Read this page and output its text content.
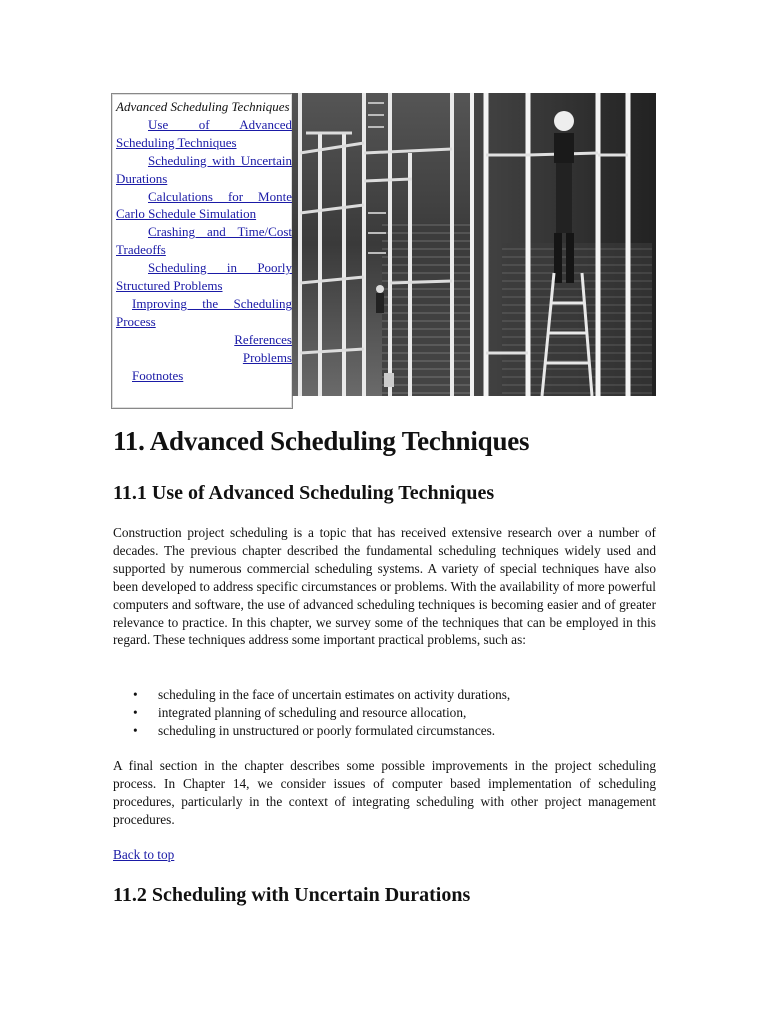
Advanced Scheduling Techniques
Use of Advanced Scheduling Techniques
Scheduling with Uncertain Durations
Calculations for Monte Carlo Schedule Simulation
Crashing and Time/Cost Tradeoffs
Scheduling in Poorly Structured Problems
Improving the Scheduling Process
References
Problems
Footnotes
11. Advanced Scheduling Techniques
11.1 Use of Advanced Scheduling Techniques

Construction project scheduling is a topic that has received extensive research over a number of decades. The previous chapter described the fundamental scheduling techniques widely used and supported by numerous commercial scheduling systems. A variety of special techniques have also been developed to address specific circumstances or problems. With the availability of more powerful computers and software, the use of advanced scheduling techniques is becoming easier and of greater relevance to practice. In this chapter, we survey some of the techniques that can be employed in this regard. These techniques address some important practical problems, such as:

• scheduling in the face of uncertain estimates on activity durations,
• integrated planning of scheduling and resource allocation,
• scheduling in unstructured or poorly formulated circumstances.

A final section in the chapter describes some possible improvements in the project scheduling process. In Chapter 14, we consider issues of computer based implementation of scheduling procedures, particularly in the context of integrating scheduling with other project management procedures.

Back to top
11.2 Scheduling with Uncertain Durations
